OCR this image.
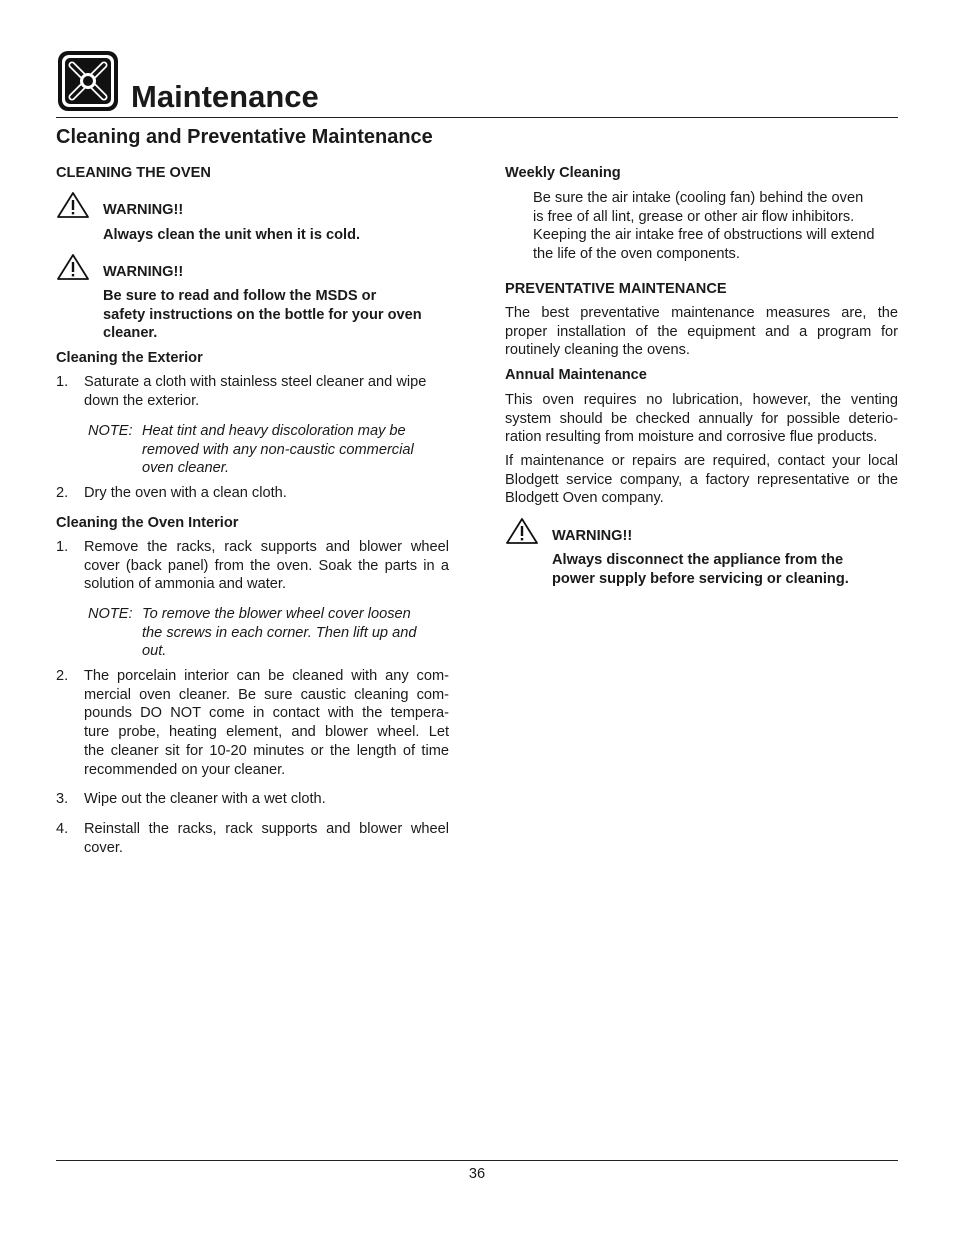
Maintenance
Cleaning and Preventative Maintenance
CLEANING THE OVEN
WARNING!!
Always clean the unit when it is cold.
WARNING!!

Be sure to read and follow the MSDS or

safety instructions on the bottle for your oven

cleaner.

Cleaning the Exterior
1. Saturate a cloth with stainless steel cleaner and wipe

down the exterior.

NOTE: Heat tint and heavy discoloration may be

removed with any non-caustic commercial

oven cleaner.

2. Dry the oven with a clean cloth.
Cleaning the Oven Interior
1. Remove the racks, rack supports and blower wheel

cover (back panel) from the oven. Soak the parts in a

solution of ammonia and water.

NOTE: To remove the blower wheel cover loosen

the screws in each corner. Then lift up and

out.

2. The porcelain interior can be cleaned with any com-

mercial oven cleaner. Be sure caustic cleaning com-

pounds DO NOT come in contact with the tempera-

ture probe, heating element, and blower wheel. Let

the cleaner sit for 10-20 minutes or the length of time

recommended on your cleaner.

3. Wipe out the cleaner with a wet cloth.
4. Reinstall the racks, rack supports and blower wheel

cover.

Weekly Cleaning

Be sure the air intake (cooling fan) behind the oven

is free of all lint, grease or other air flow inhibitors.

Keeping the air intake free of obstructions will extend

the life of the oven components.

PREVENTATIVE MAINTENANCE

The best preventative maintenance measures are, the

proper installation of the equipment and a program for

routinely cleaning the ovens.

Annual Maintenance

This oven requires no lubrication, however, the venting

system should be checked annually for possible deterio-

ration resulting from moisture and corrosive flue products.

If maintenance or repairs are required, contact your local

Blodgett service company, a factory representative or the

Blodgett Oven company.

WARNING!!

Always disconnect the appliance from the

power supply before servicing or cleaning.

36
